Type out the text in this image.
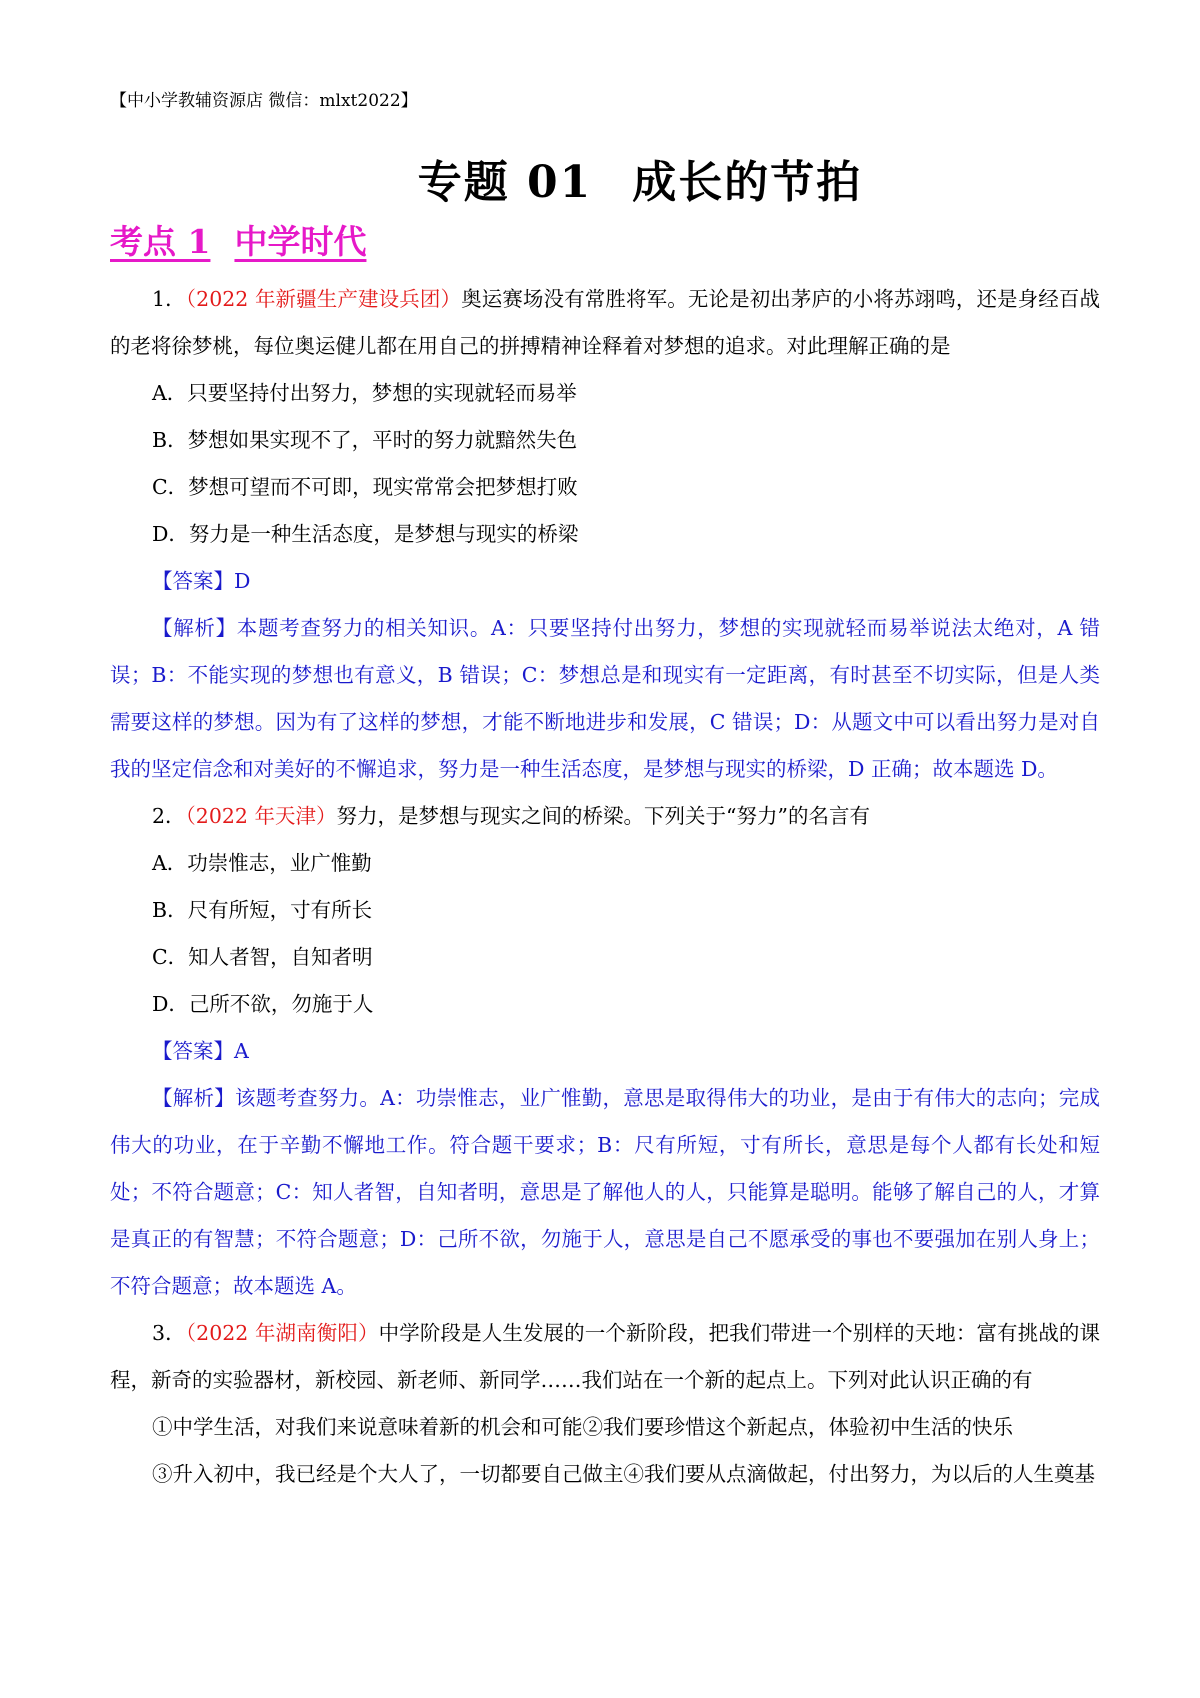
【中小学教辅资源店 微信：mlxt2022】
专题 01 成长的节拍
考点 1 中学时代

1．（2022 年新疆生产建设兵团）奥运赛场没有常胜将军。无论是初出茅庐的小将苏翊鸣，还是身经百战的老将徐梦桃，每位奥运健儿都在用自己的拼搏精神诠释着对梦想的追求。对此理解正确的是

A．只要坚持付出努力，梦想的实现就轻而易举

B．梦想如果实现不了，平时的努力就黯然失色

C．梦想可望而不可即，现实常常会把梦想打败

D．努力是一种生活态度，是梦想与现实的桥梁

【答案】D

【解析】本题考查努力的相关知识。A：只要坚持付出努力，梦想的实现就轻而易举说法太绝对，A 错误；B：不能实现的梦想也有意义，B 错误；C：梦想总是和现实有一定距离，有时甚至不切实际，但是人类需要这样的梦想。因为有了这样的梦想，才能不断地进步和发展，C 错误；D：从题文中可以看出努力是对自我的坚定信念和对美好的不懈追求，努力是一种生活态度，是梦想与现实的桥梁，D 正确；故本题选 D。

2．（2022 年天津）努力，是梦想与现实之间的桥梁。下列关于“努力”的名言有

A．功崇惟志，业广惟勤

B．尺有所短，寸有所长

C．知人者智，自知者明

D．己所不欲，勿施于人

【答案】A

【解析】该题考查努力。A：功崇惟志，业广惟勤，意思是取得伟大的功业，是由于有伟大的志向；完成伟大的功业，在于辛勤不懈地工作。符合题干要求；B：尺有所短，寸有所长，意思是每个人都有长处和短处；不符合题意；C：知人者智，自知者明，意思是了解他人的人，只能算是聪明。能够了解自己的人，才算是真正的有智慧；不符合题意；D：己所不欲，勿施于人，意思是自己不愿承受的事也不要强加在别人身上；不符合题意；故本题选 A。

3．（2022 年湖南衡阳）中学阶段是人生发展的一个新阶段，把我们带进一个别样的天地：富有挑战的课程，新奇的实验器材，新校园、新老师、新同学……我们站在一个新的起点上。下列对此认识正确的有

①中学生活，对我们来说意味着新的机会和可能②我们要珍惜这个新起点，体验初中生活的快乐

③升入初中，我已经是个大人了，一切都要自己做主④我们要从点滴做起，付出努力，为以后的人生奠基
